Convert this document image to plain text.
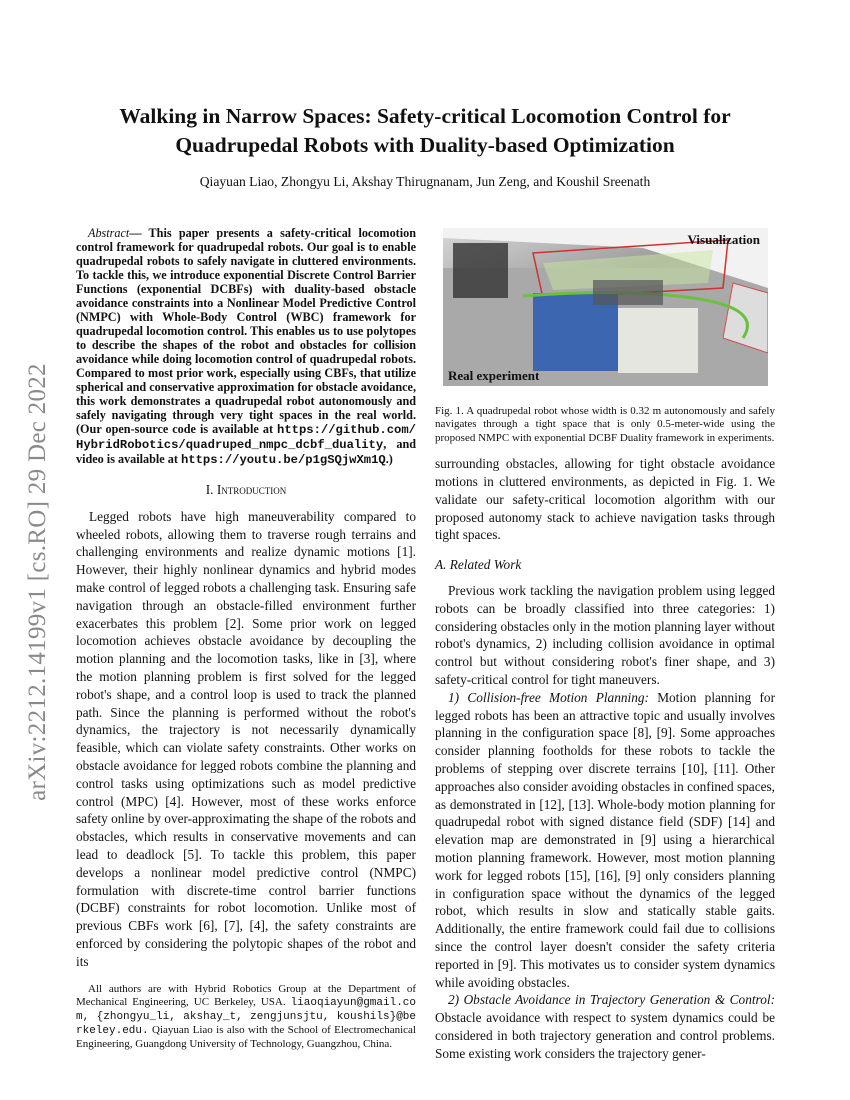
Walking in Narrow Spaces: Safety-critical Locomotion Control for
Quadrupedal Robots with Duality-based Optimization
Qiayuan Liao, Zhongyu Li, Akshay Thirugnanam, Jun Zeng, and Koushil Sreenath
arXiv:2212.14199v1 [cs.RO] 29 Dec 2022
Abstract— This paper presents a safety-critical locomotion control framework for quadrupedal robots. Our goal is to enable quadrupedal robots to safely navigate in cluttered environments. To tackle this, we introduce exponential Discrete Control Barrier Functions (exponential DCBFs) with duality-based obstacle avoidance constraints into a Nonlinear Model Predictive Control (NMPC) with Whole-Body Control (WBC) framework for quadrupedal locomotion control. This enables us to use polytopes to describe the shapes of the robot and obstacles for collision avoidance while doing locomotion control of quadrupedal robots. Compared to most prior work, especially using CBFs, that utilize spherical and conservative approximation for obstacle avoidance, this work demonstrates a quadrupedal robot autonomously and safely navigating through very tight spaces in the real world. (Our open-source code is available at https://github.com/HybridRobotics/quadruped_nmpc_dcbf_duality, and video is available at https://youtu.be/p1gSQjwXm1Q.)
I. Introduction

Legged robots have high maneuverability compared to wheeled robots, allowing them to traverse rough terrains and challenging environments and realize dynamic motions [1]. However, their highly nonlinear dynamics and hybrid modes make control of legged robots a challenging task. Ensuring safe navigation through an obstacle-filled environment further exacerbates this problem [2]. Some prior work on legged locomotion achieves obstacle avoidance by decoupling the motion planning and the locomotion tasks, like in [3], where the motion planning problem is first solved for the legged robot's shape, and a control loop is used to track the planned path. Since the planning is performed without the robot's dynamics, the trajectory is not necessarily dynamically feasible, which can violate safety constraints. Other works on obstacle avoidance for legged robots combine the planning and control tasks using optimizations such as model predictive control (MPC) [4]. However, most of these works enforce safety online by over-approximating the shape of the robots and obstacles, which results in conservative movements and can lead to deadlock [5]. To tackle this problem, this paper develops a nonlinear model predictive control (NMPC) formulation with discrete-time control barrier functions (DCBF) constraints for robot locomotion. Unlike most of previous CBFs work [6], [7], [4], the safety constraints are enforced by considering the polytopic shapes of the robot and its

All authors are with Hybrid Robotics Group at the Department of Mechanical Engineering, UC Berkeley, USA. liaoqiayun@gmail.com, {zhongyu_li, akshay_t, zengjunsjtu, koushils}@berkeley.edu. Qiayuan Liao is also with the School of Electromechanical Engineering, Guangdong University of Technology, Guangzhou, China.
Visualization
Real experiment
Fig. 1. A quadrupedal robot whose width is 0.32 m autonomously and safely navigates through a tight space that is only 0.5-meter-wide using the proposed NMPC with exponential DCBF Duality framework in experiments.

surrounding obstacles, allowing for tight obstacle avoidance motions in cluttered environments, as depicted in Fig. 1. We validate our safety-critical locomotion algorithm with our proposed autonomy stack to achieve navigation tasks through tight spaces.

A. Related Work

Previous work tackling the navigation problem using legged robots can be broadly classified into three categories: 1) considering obstacles only in the motion planning layer without robot's dynamics, 2) including collision avoidance in optimal control but without considering robot's finer shape, and 3) safety-critical control for tight maneuvers.

1) Collision-free Motion Planning: Motion planning for legged robots has been an attractive topic and usually involves planning in the configuration space [8], [9]. Some approaches consider planning footholds for these robots to tackle the problems of stepping over discrete terrains [10], [11]. Other approaches also consider avoiding obstacles in confined spaces, as demonstrated in [12], [13]. Whole-body motion planning for quadrupedal robot with signed distance field (SDF) [14] and elevation map are demonstrated in [9] using a hierarchical motion planning framework. However, most motion planning work for legged robots [15], [16], [9] only considers planning in configuration space without the dynamics of the legged robot, which results in slow and statically stable gaits. Additionally, the entire framework could fail due to collisions since the control layer doesn't consider the safety criteria reported in [9]. This motivates us to consider system dynamics while avoiding obstacles.

2) Obstacle Avoidance in Trajectory Generation & Control: Obstacle avoidance with respect to system dynamics could be considered in both trajectory generation and control problems. Some existing work considers the trajectory gener-
